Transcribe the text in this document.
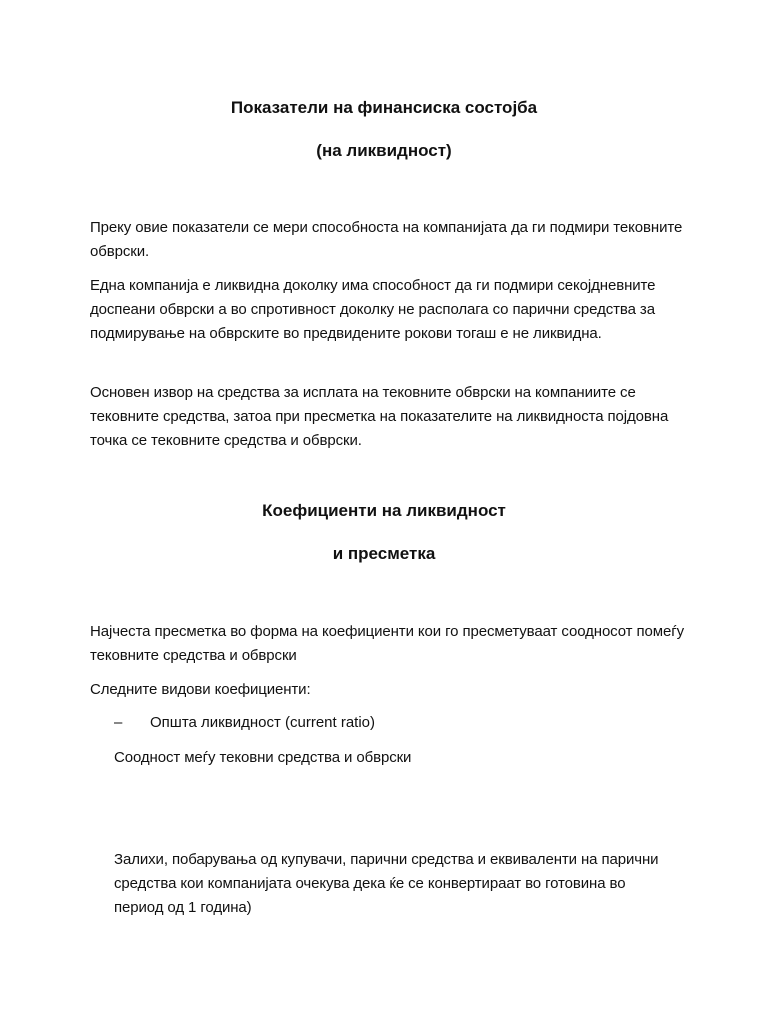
Показатели на финансиска состојба
(на ликвидност)

Преку овие показатели се мери способноста на компанијата да ги подмири тековните обврски.

Една компанија е ликвидна доколку има способност да ги подмири секојдневните доспеани обврски а во спротивност доколку не располага со парични средства за подмирување на обврските во предвидените рокови тогаш е не ликвидна.

Основен извор на средства за исплата на тековните обврски на компаниите се тековните средства, затоа при пресметка на показателите на ликвидноста појдовна точка се тековните средства и обврски.

Коефициенти на ликвидност
и пресметка

Најчеста пресметка во форма на коефициенти кои го пресметуваат соодносот помеѓу тековните средства и обврски

Следните видови коефициенти:

– Општа ликвидност (current ratio)

Соодност меѓу тековни средства и обврски

Залихи, побарувања од купувачи, парични средства и еквиваленти на парични средства кои компанијата очекува дека ќе се конвертираат во готовина во период од 1 година)
